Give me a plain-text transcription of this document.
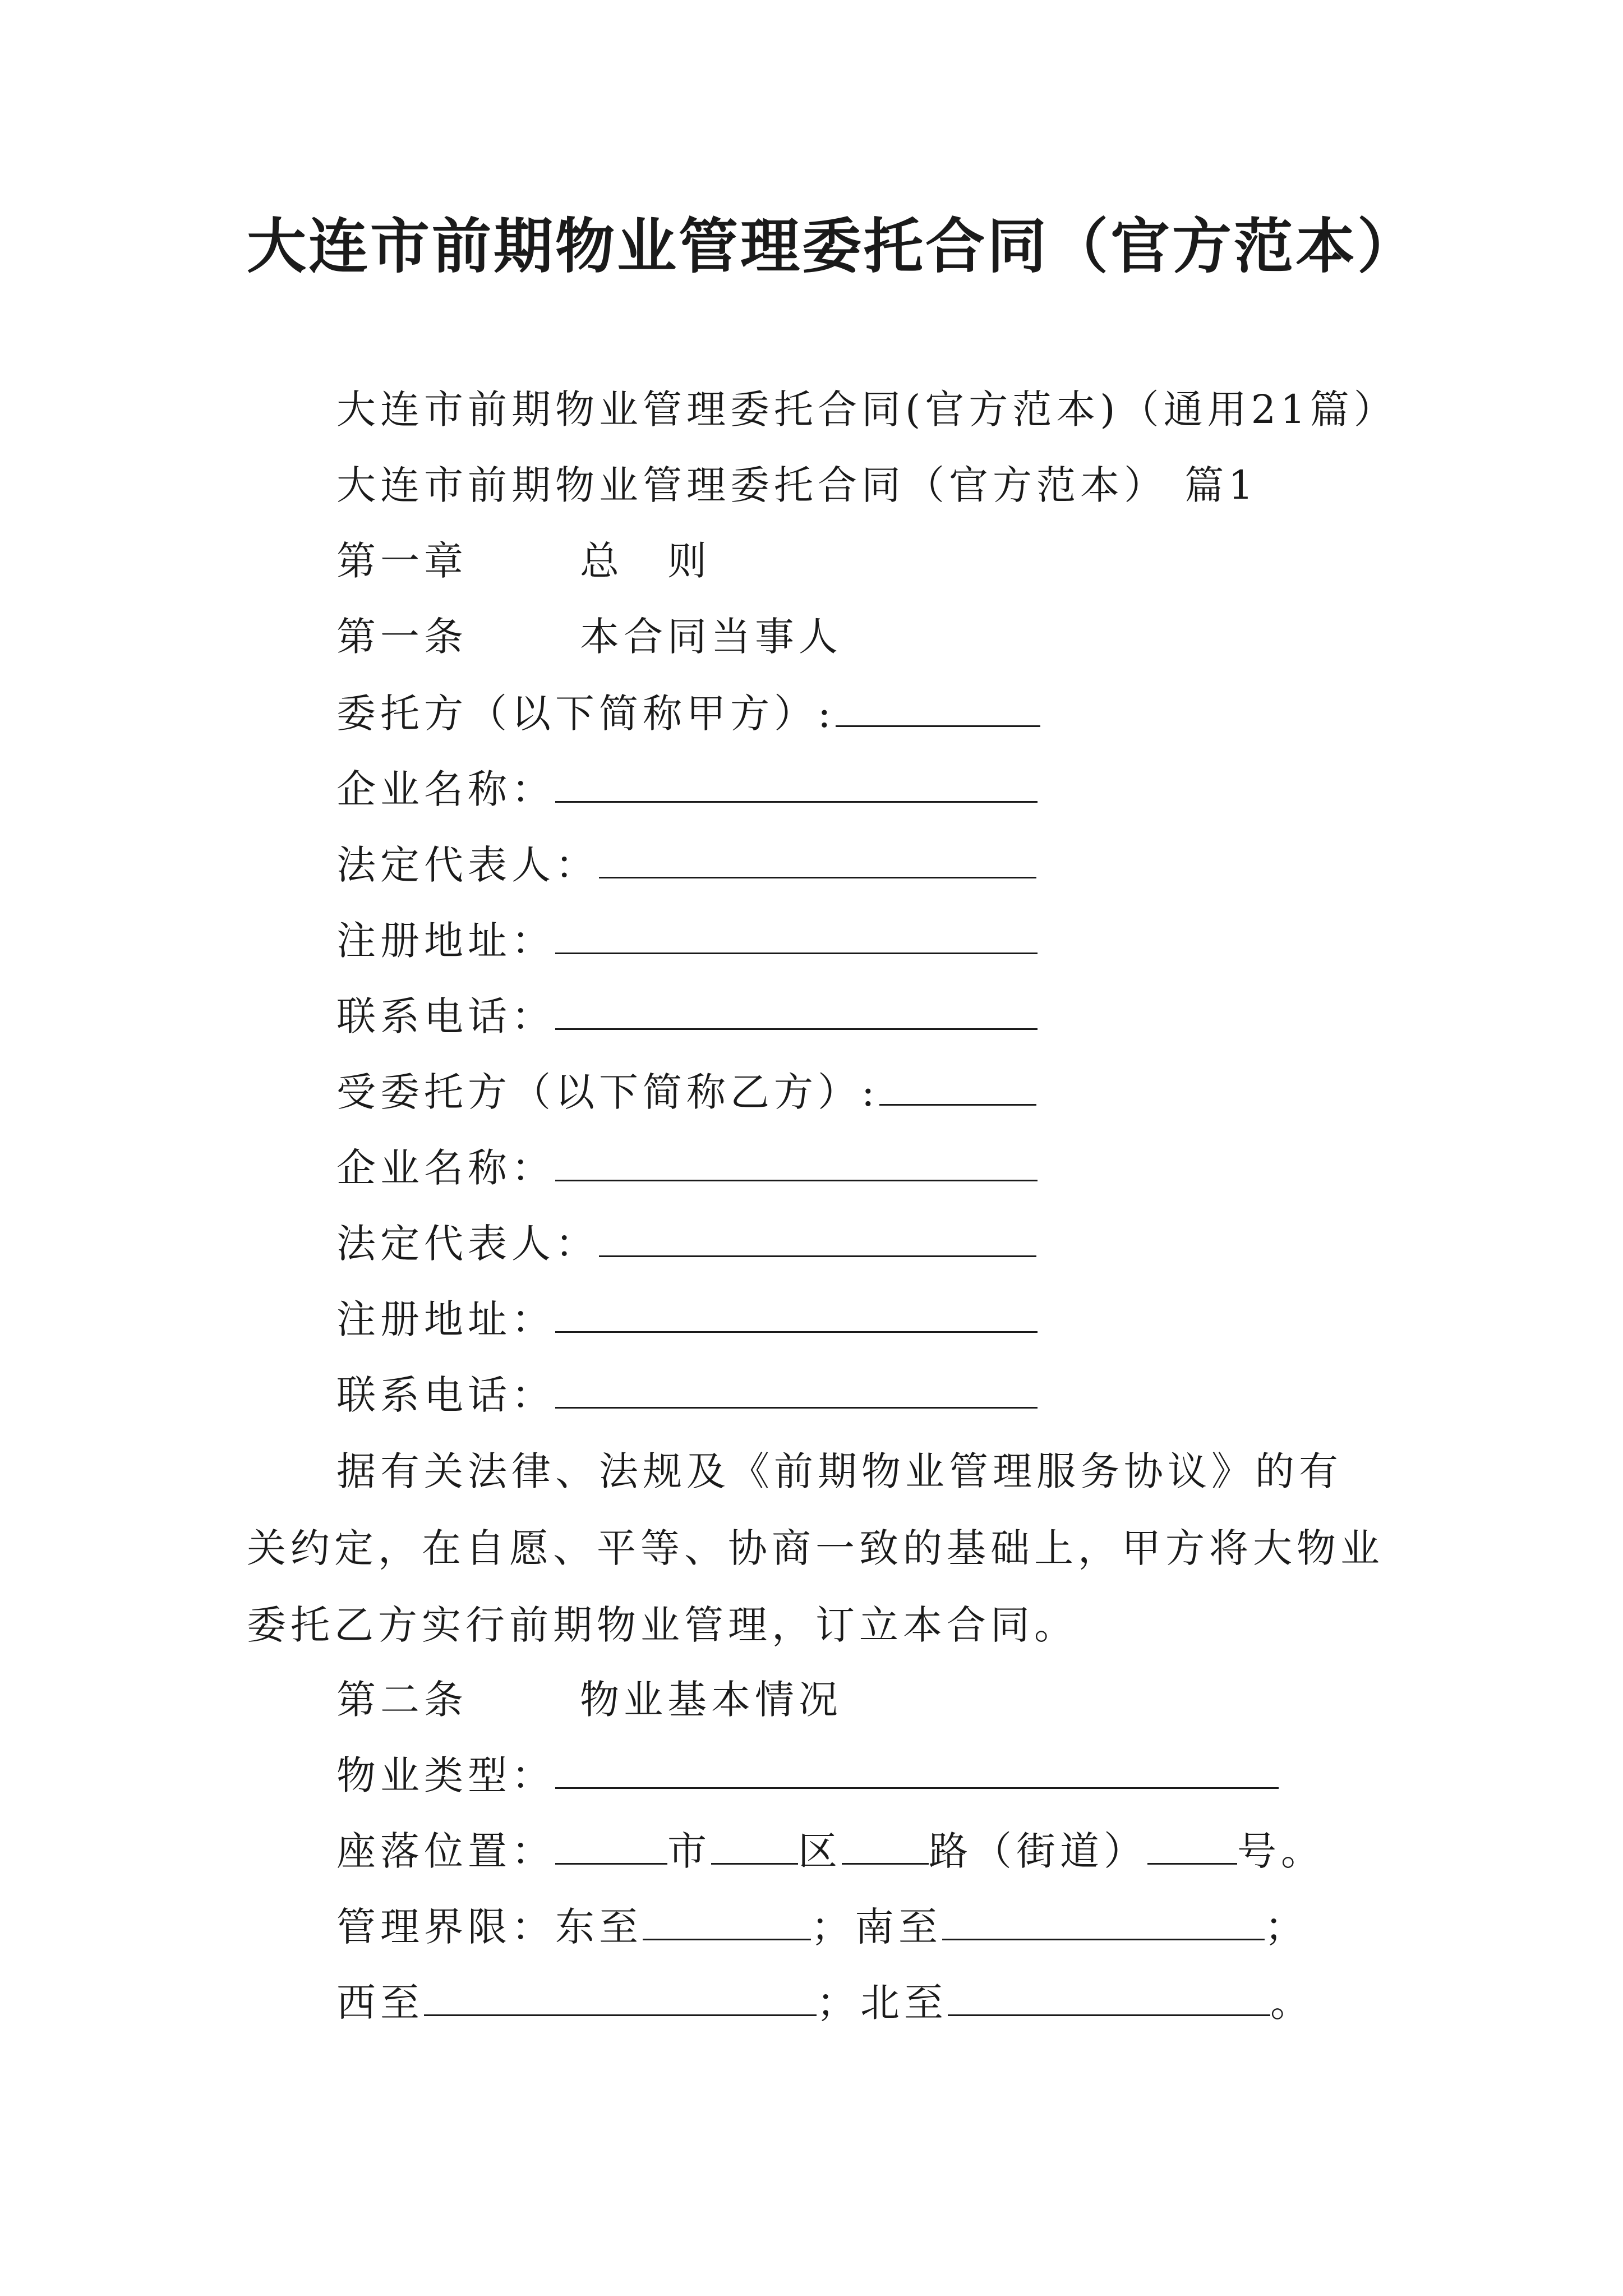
大连市前期物业管理委托合同（官方范本）
大连市前期物业管理委托合同(官方范本)（通用21篇）
大连市前期物业管理委托合同（官方范本） 篇1
第一章	总　则
第一条	本合同当事人
委托方（以下简称甲方）:
企业名称：
法定代表人：
注册地址：
联系电话：
受委托方（以下简称乙方）:
企业名称：
法定代表人：
注册地址：
联系电话：
据有关法律、法规及《前期物业管理服务协议》的有关约定，在自愿、平等、协商一致的基础上，甲方将大物业委托乙方实行前期物业管理，订立本合同。
第二条	物业基本情况
物业类型：
座落位置：	市 区 路（街道） 号。
管理界限：东至	；南至	；
西至	；北至	。
